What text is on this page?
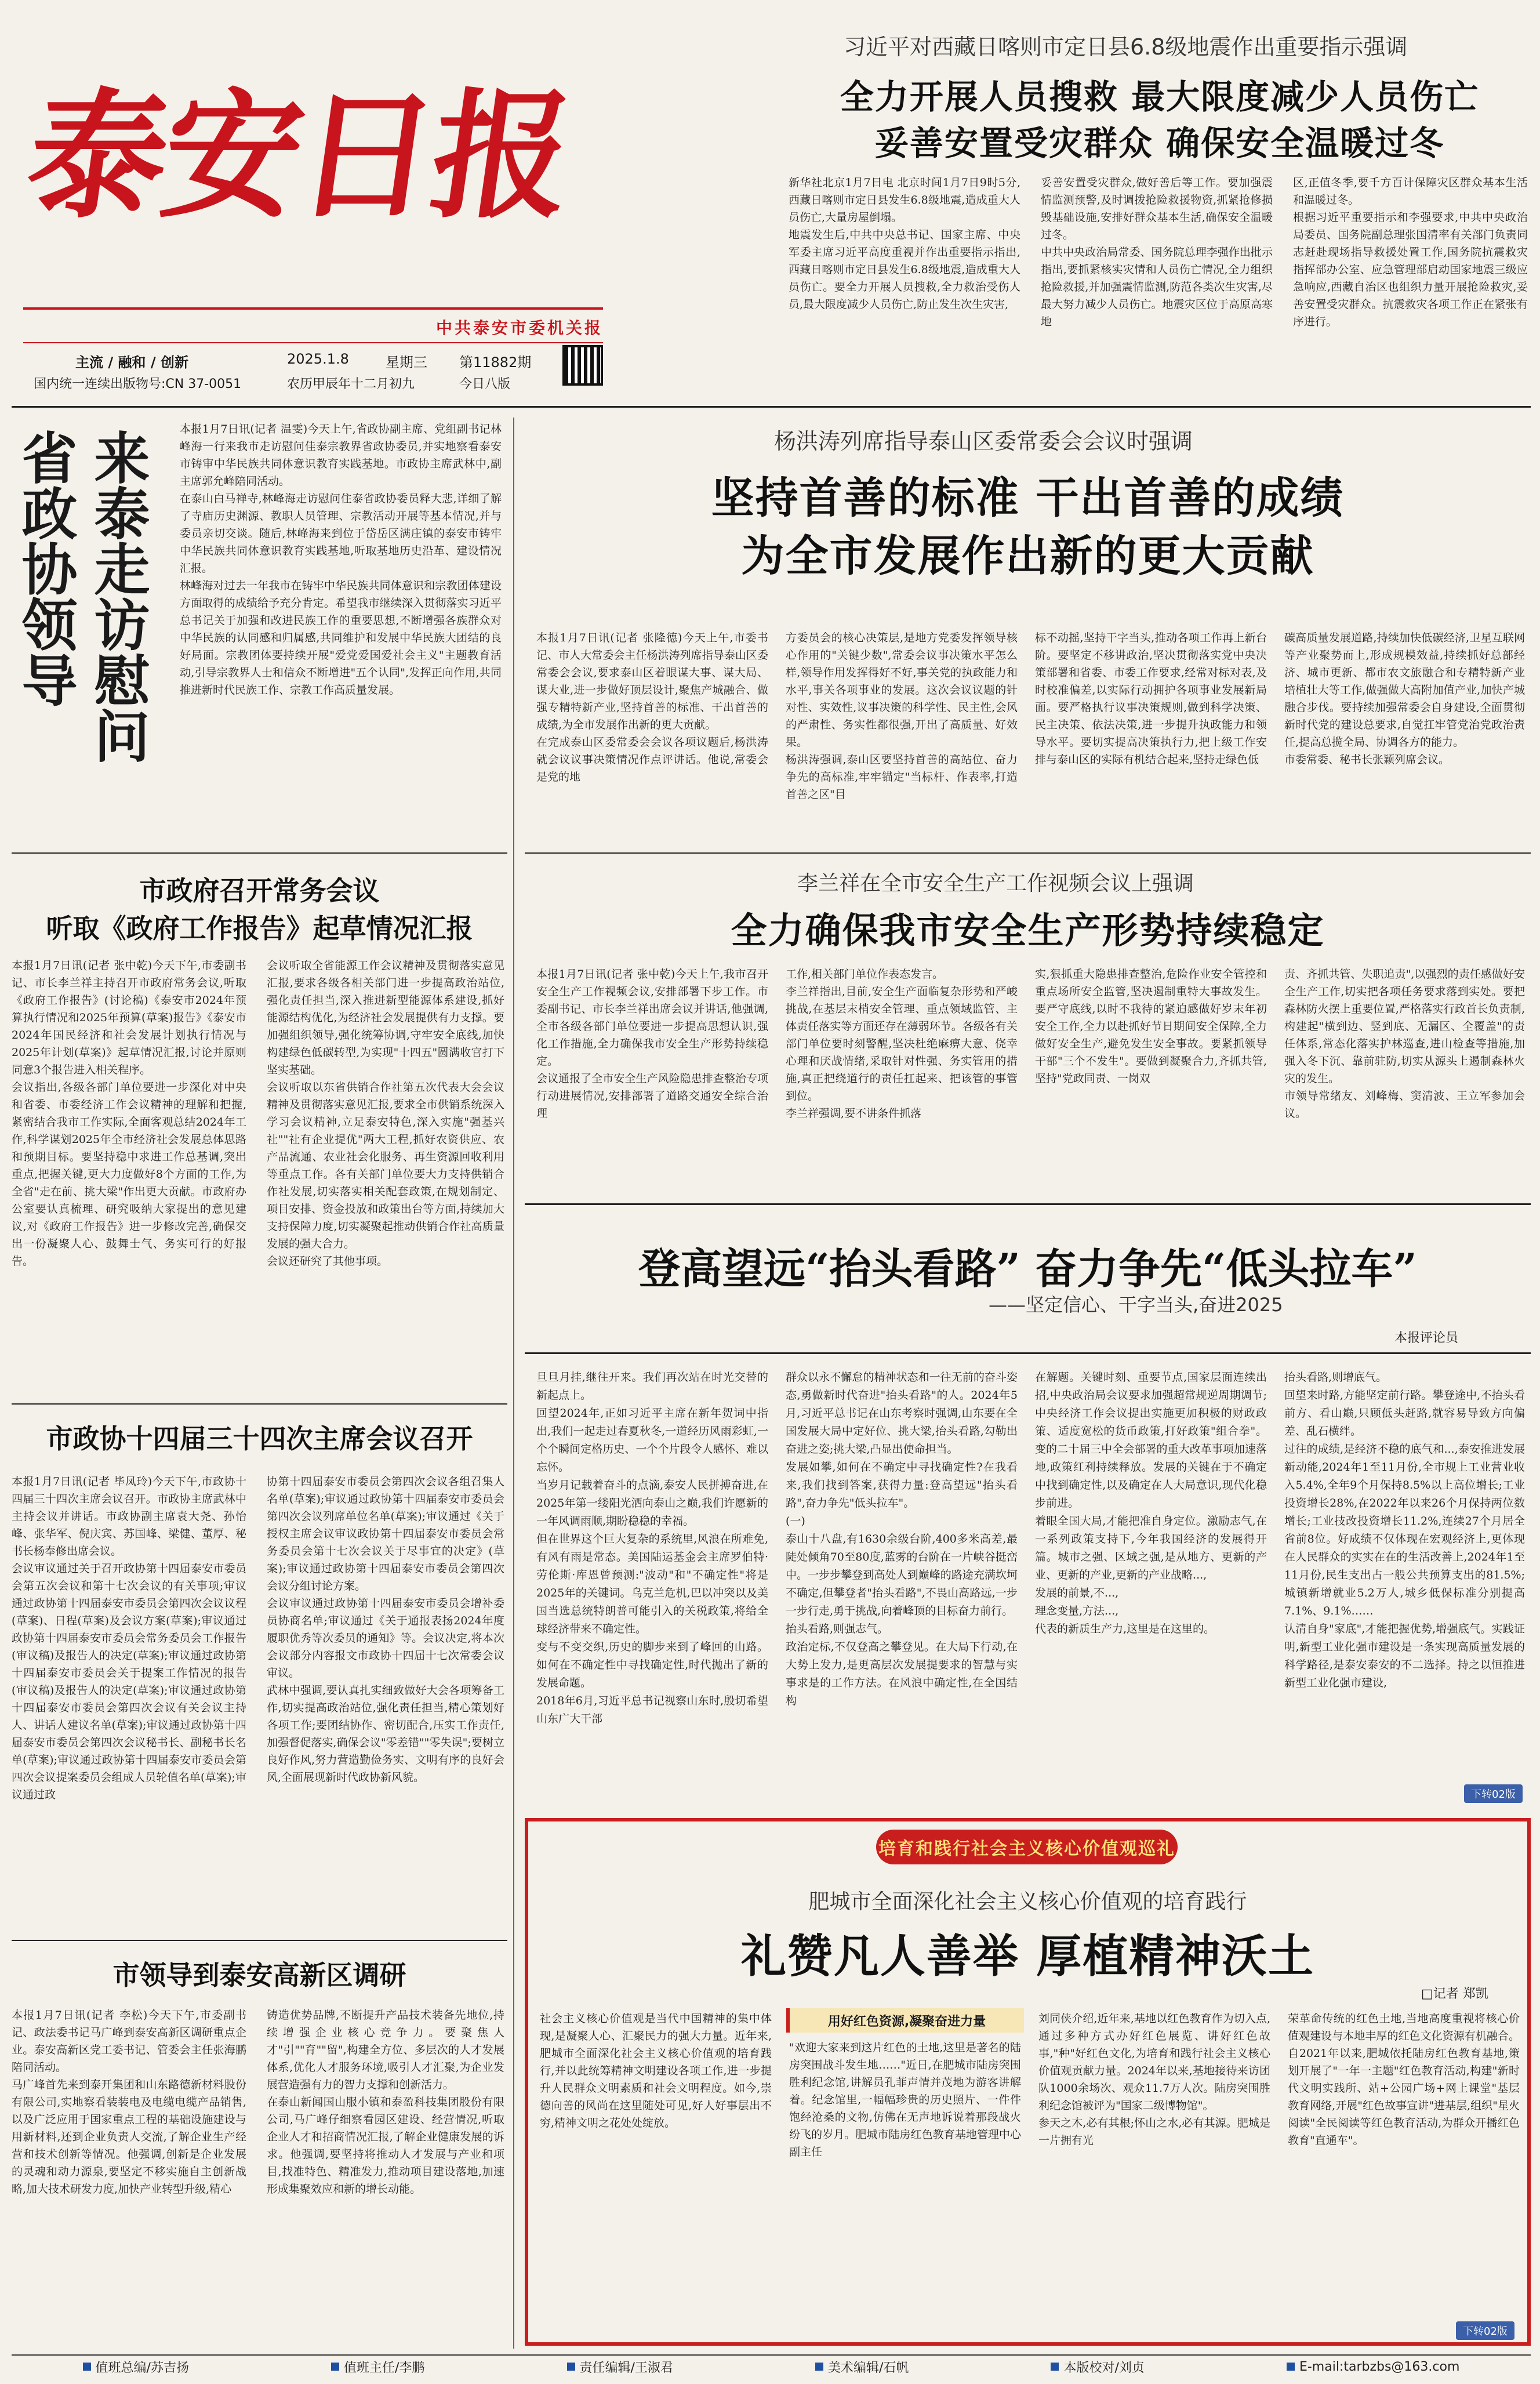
泰安日报
中共泰安市委机关报
主流 / 融和 / 创新
国内统一连续出版物号:CN 37-0051
2025.1.8	星期三 第11882期
农历甲辰年十二月初九	今日八版
习近平对西藏日喀则市定日县6.8级地震作出重要指示强调
全力开展人员搜救 最大限度减少人员伤亡
妥善安置受灾群众 确保安全温暖过冬
新华社北京1月7日电 北京时间1月7日9时5分,西藏日喀则市定日县发生6.8级地震,造成重大人员伤亡,大量房屋倒塌。
地震发生后,中共中央总书记、国家主席、中央军委主席习近平高度重视并作出重要指示指出,西藏日喀则市定日县发生6.8级地震,造成重大人员伤亡。要全力开展人员搜救,全力救治受伤人员,最大限度减少人员伤亡,防止发生次生灾害,
妥善安置受灾群众,做好善后等工作。要加强震情监测预警,及时调拨抢险救援物资,抓紧抢修损毁基础设施,安排好群众基本生活,确保安全温暖过冬。
中共中央政治局常委、国务院总理李强作出批示指出,要抓紧核实灾情和人员伤亡情况,全力组织抢险救援,并加强震情监测,防范各类次生灾害,尽最大努力减少人员伤亡。地震灾区位于高原高寒地
区,正值冬季,要千方百计保障灾区群众基本生活和温暖过冬。
根据习近平重要指示和李强要求,中共中央政治局委员、国务院副总理张国清率有关部门负责同志赶赴现场指导救援处置工作,国务院抗震救灾指挥部办公室、应急管理部启动国家地震三级应急响应,西藏自治区也组织力量开展抢险救灾,妥善安置受灾群众。抗震救灾各项工作正在紧张有序进行。
来泰走访慰问
省政协领导	本报1月7日讯(记者 温雯)今天上午,省政协副主席、党组副书记林峰海一行来我市走访慰问佳泰宗教界省政协委员,并实地察看泰安市铸审中华民族共同体意识教育实践基地。市政协主席武林中,副主席郭允峰陪同活动。
在泰山白马禅寺,林峰海走访慰问住泰省政协委员释大悲,详细了解了寺庙历史渊源、教职人员管理、宗教活动开展等基本情况,并与委员亲切交谈。随后,林峰海来到位于岱岳区满庄镇的泰安市铸牢中华民族共同体意识教育实践基地,听取基地历史沿革、建设情况汇报。
林峰海对过去一年我市在铸牢中华民族共同体意识和宗教团体建设方面取得的成绩给予充分肯定。希望我市继续深入贯彻落实习近平总书记关于加强和改进民族工作的重要思想,不断增强各族群众对中华民族的认同感和归属感,共同维护和发展中华民族大团结的良好局面。宗教团体要持续开展"爱党爱国爱社会主义"主题教育活动,引导宗教界人士和信众不断增进"五个认同",发挥正向作用,共同推进新时代民族工作、宗教工作高质量发展。
杨洪涛列席指导泰山区委常委会会议时强调
坚持首善的标准 干出首善的成绩
为全市发展作出新的更大贡献
本报1月7日讯(记者 张隆德)今天上午,市委书记、市人大常委会主任杨洪涛列席指导泰山区委常委会会议,要求泰山区着眼谋大事、谋大局、谋大业,进一步做好顶层设计,聚焦产城融合、做强专精特新产业,坚持首善的标准、干出首善的成绩,为全市发展作出新的更大贡献。
在完成泰山区委常委会会议各项议题后,杨洪涛就会议议事决策情况作点评讲话。他说,常委会是党的地
方委员会的核心决策层,是地方党委发挥领导核心作用的"关键少数",常委会议事决策水平怎么样,领导作用发挥得好不好,事关党的执政能力和水平,事关各项事业的发展。这次会议议题的针对性、实效性,议事决策的科学性、民主性,会风的严肃性、务实性都很强,开出了高质量、好效果。
杨洪涛强调,泰山区要坚持首善的高站位、奋力争先的高标准,牢牢锚定"当标杆、作表率,打造首善之区"目
标不动摇,坚持干字当头,推动各项工作再上新台阶。要坚定不移讲政治,坚决贯彻落实党中央决策部署和省委、市委工作要求,经常对标对表,及时校准偏差,以实际行动拥护各项事业发展新局面。要严格执行议事决策规则,做到科学决策、民主决策、依法决策,进一步提升执政能力和领导水平。要切实提高决策执行力,把上级工作安排与泰山区的实际有机结合起来,坚持走绿色低
碳高质量发展道路,持续加快低碳经济,卫星互联网等产业聚势而上,形成规模效益,持续抓好总部经济、城市更新、都市农文旅融合和专精特新产业培植壮大等工作,做强做大高附加值产业,加快产城融合步伐。要持续加强常委会自身建设,全面贯彻新时代党的建设总要求,自觉扛牢管党治党政治责任,提高总揽全局、协调各方的能力。
市委常委、秘书长张颖列席会议。
市政府召开常务会议
听取《政府工作报告》起草情况汇报
本报1月7日讯(记者 张中乾)今天下午,市委副书记、市长李兰祥主持召开市政府常务会议,听取《政府工作报告》(讨论稿)《泰安市2024年预算执行情况和2025年预算(草案)报告》《泰安市2024年国民经济和社会发展计划执行情况与2025年计划(草案)》起草情况汇报,讨论并原则同意3个报告进入相关程序。
会议指出,各级各部门单位要进一步深化对中央和省委、市委经济工作会议精神的理解和把握,紧密结合我市工作实际,全面客观总结2024年工作,科学谋划2025年全市经济社会发展总体思路和预期目标。要坚持稳中求进工作总基调,突出重点,把握关键,更大力度做好8个方面的工作,为全省"走在前、挑大梁"作出更大贡献。市政府办公室要认真梳理、研究吸纳大家提出的意见建议,对《政府工作报告》进一步修改完善,确保交出一份凝聚人心、鼓舞士气、务实可行的好报告。
会议听取全省能源工作会议精神及贯彻落实意见汇报,要求各级各相关部门进一步提高政治站位,强化责任担当,深入推进新型能源体系建设,抓好能源结构优化,为经济社会发展提供有力支撑。要加强组织领导,强化统筹协调,守牢安全底线,加快构建绿色低碳转型,为实现"十四五"圆满收官打下坚实基础。
会议听取以东省供销合作社第五次代表大会会议精神及贯彻落实意见汇报,要求全市供销系统深入学习会议精神,立足泰安特色,深入实施"强基兴社""社有企业提优"两大工程,抓好农资供应、农产品流通、农业社会化服务、再生资源回收利用等重点工作。各有关部门单位要大力支持供销合作社发展,切实落实相关配套政策,在规划制定、项目安排、资金投放和政策出台等方面,持续加大支持保障力度,切实凝聚起推动供销合作社高质量发展的强大合力。
会议还研究了其他事项。
李兰祥在全市安全生产工作视频会议上强调
全力确保我市安全生产形势持续稳定
本报1月7日讯(记者 张中乾)今天上午,我市召开安全生产工作视频会议,安排部署下步工作。市委副书记、市长李兰祥出席会议并讲话,他强调,全市各级各部门单位要进一步提高思想认识,强化工作措施,全力确保我市安全生产形势持续稳定。
会议通报了全市安全生产风险隐患排查整治专项行动进展情况,安排部署了道路交通安全综合治理
工作,相关部门单位作表态发言。
李兰祥指出,目前,安全生产面临复杂形势和严峻挑战,在基层末梢安全管理、重点领域监管、主体责任落实等方面还存在薄弱环节。各级各有关部门单位要时刻警醒,坚决杜绝麻痹大意、侥幸心理和厌战情绪,采取针对性强、务实管用的措施,真正把绕道行的责任扛起来、把该管的事管到位。
李兰祥强调,要不讲条件抓落
实,狠抓重大隐患排查整治,危险作业安全管控和重点场所安全监管,坚决遏制重特大事故发生。要严守底线,以时不我待的紧迫感做好岁末年初安全工作,全力以赴抓好节日期间安全保障,全力做好安全生产,避免发生安全事故。要紧抓领导干部"三个不发生"。要做到凝聚合力,齐抓共管,坚持"党政同责、一岗双
责、齐抓共管、失职追责",以强烈的责任感做好安全生产工作,切实把各项任务要求落到实处。要把森林防火摆上重要位置,严格落实行政首长负责制,构建起"横到边、竖到底、无漏区、全覆盖"的责任体系,常态化落实护林巡查,进山检查等措施,加强入冬下沉、靠前驻防,切实从源头上遏制森林火灾的发生。
市领导常绪友、刘峰梅、窦清波、王立军参加会议。
登高望远“抬头看路” 奋力争先“低头拉车”
——坚定信心、干字当头,奋进2025
本报评论员
旦旦月挂,继往开来。我们再次站在时光交替的新起点上。
回望2024年,正如习近平主席在新年贺词中指出,我们一起走过春夏秋冬,一道经历风雨彩虹,一个个瞬间定格历史、一个个片段令人感怀、难以忘怀。
当岁月记载着奋斗的点滴,泰安人民拼搏奋进,在2025年第一缕阳光洒向泰山之巅,我们许愿新的一年风调雨顺,期盼稳稳的幸福。
但在世界这个巨大复杂的系统里,风浪在所难免,有风有雨是常态。美国陆运基金会主席罗伯特·劳伦斯·库恩曾预测:"波动"和"不确定性"将是2025年的关键词。乌克兰危机,巴以冲突以及美国当选总统特朗普可能引入的关税政策,将给全球经济带来不确定性。
变与不变交织,历史的脚步来到了峰回的山路。如何在不确定性中寻找确定性,时代抛出了新的发展命题。
2018年6月,习近平总书记视察山东时,殷切希望山东广大干部
群众以永不懈怠的精神状态和一往无前的奋斗姿态,勇做新时代奋进"抬头看路"的人。2024年5月,习近平总书记在山东考察时强调,山东要在全国发展大局中定好位、挑大梁,抬头看路,勾勒出奋进之姿;挑大梁,凸显出使命担当。
发展如攀,如何在不确定中寻找确定性?在我看来,我们找到答案,获得力量:登高望远"抬头看路",奋力争先"低头拉车"。
(一)
泰山十八盘,有1630余级台阶,400多米高差,最陡处倾角70至80度,蓝雾的台阶在一片峡谷挺峦中。一步步攀登到高处人到巅峰的路途充满坎坷不确定,但攀登者"抬头看路",不畏山高路远,一步一步行走,勇于挑战,向着峰顶的目标奋力前行。
抬头看路,则强志气。
政治定标,不仅登高之攀登见。在大局下行动,在大势上发力,是更高层次发展提要求的智慧与实事求是的工作方法。在风浪中确定性,在全国结构
在解题。关键时刻、重要节点,国家层面连续出招,中央政治局会议要求加强超常规逆周期调节;中央经济工作会议提出实施更加积极的财政政策、适度宽松的货币政策,打好政策"组合拳"。变的二十届三中全会部署的重大改革事项加速落地,政策红利持续释放。发展的关键在于不确定中找到确定性,以及确定在人大局意识,现代化稳步前进。
着眼全国大局,才能把准自身定位。激励志气,在一系列政策支持下,今年我国经济的发展得开篇。城市之强、区域之强,是从地方、更新的产业、更新的产业,更新的产业战略...,
发展的前景,不...,
理念变量,方法...,
代表的新质生产力,这里是在这里的。
抬头看路,则增底气。
回望来时路,方能坚定前行路。攀登途中,不抬头看前方、看山巅,只顾低头赶路,就容易导致方向偏差、乱石横绊。
过往的成绩,是经济不稳的底气和...,泰安推进发展新动能,2024年1至11月份,全市规上工业营业收入5.4%,全年9个月保持8.5%以上高位增长;工业投资增长28%,在2022年以来26个月保持两位数增长;工业技改投资增长11.2%,连续27个月居全省前8位。好成绩不仅体现在宏观经济上,更体现在人民群众的实实在在的生活改善上,2024年1至11月份,民生支出占一般公共预算支出的81.5%;城镇新增就业5.2万人,城乡低保标准分别提高7.1%、9.1%……
认清自身"家底",才能把握优势,增强底气。实践证明,新型工业化强市建设是一条实现高质量发展的科学路径,是泰安泰安的不二选择。持之以恒推进新型工业化强市建设,
下转02版
市政协十四届三十四次主席会议召开
本报1月7日讯(记者 毕凤玲)今天下午,市政协十四届三十四次主席会议召开。市政协主席武林中主持会议并讲话。市政协副主席袁大尧、孙怡峰、张华军、倪庆宾、苏国峰、梁健、董厚、秘书长杨奉修出席会议。
会议审议通过关于召开政协第十四届泰安市委员会第五次会议和第十七次会议的有关事项;审议通过政协第十四届泰安市委员会第四次会议议程(草案)、日程(草案)及会议方案(草案);审议通过政协第十四届泰安市委员会常务委员会工作报告(审议稿)及报告人的决定(草案);审议通过政协第十四届泰安市委员会关于提案工作情况的报告(审议稿)及报告人的决定(草案);审议通过政协第十四届泰安市委员会第四次会议有关会议主持人、讲话人建议名单(草案);审议通过政协第十四届泰安市委员会第四次会议秘书长、副秘书长名单(草案);审议通过政协第十四届泰安市委员会第四次会议提案委员会组成人员轮值名单(草案);审议通过政
协第十四届泰安市委员会第四次会议各组召集人名单(草案);审议通过政协第十四届泰安市委员会第四次会议列席单位名单(草案);审议通过《关于授权主席会议审议政协第十四届泰安市委员会常务委员会第十七次会议关于尽事宜的决定》(草案);审议通过政协第十四届泰安市委员会第四次会议分组讨论方案。
会议审议通过政协第十四届泰安市委员会增补委员协商名单;审议通过《关于通报表扬2024年度履职优秀等次委员的通知》等。会议决定,将本次会议部分内容报文市政协十四届十七次常委会议审议。
武林中强调,要认真扎实细致做好大会各项筹备工作,切实提高政治站位,强化责任担当,精心策划好各项工作;要团结协作、密切配合,压实工作责任,加强督促落实,确保会议"零差错""零失误";要树立良好作风,努力营造勤俭务实、文明有序的良好会风,全面展现新时代政协新风貌。
市领导到泰安高新区调研
本报1月7日讯(记者 李松)今天下午,市委副书记、政法委书记马广峰到泰安高新区调研重点企业。泰安高新区党工委书记、管委会主任张海鹏陪同活动。
马广峰首先来到泰开集团和山东路德新材料股份有限公司,实地察看装装电及电缆电缆产品销售,以及广泛应用于国家重点工程的基础设施建设与用新材料,还到企业负责人交流,了解企业生产经营和技术创新等情况。他强调,创新是企业发展的灵魂和动力源泉,要坚定不移实施自主创新战略,加大技术研发力度,加快产业转型升级,精心
铸造优势品牌,不断提升产品技术装备先地位,持续增强企业核心竞争力。要聚焦人才"引""育""留",构建全方位、多层次的人才发展体系,优化人才服务环境,吸引人才汇聚,为企业发展营造强有力的智力支撑和创新活力。
在泰山新闻国山服小镇和泰盈科技集团股份有限公司,马广峰仔细察看园区建设、经营情况,听取企业人才和招商情况汇报,了解企业健康发展的诉求。他强调,要坚持将推动人才发展与产业和项目,找准特色、精准发力,推动项目建设落地,加速形成集聚效应和新的增长动能。
培育和践行社会主义核心价值观巡礼
肥城市全面深化社会主义核心价值观的培育践行
礼赞凡人善举 厚植精神沃土
□记者 郑凯
社会主义核心价值观是当代中国精神的集中体现,是凝聚人心、汇聚民力的强大力量。近年来,肥城市全面深化社会主义核心价值观的培育践行,并以此统筹精神文明建设各项工作,进一步提升人民群众文明素质和社会文明程度。如今,崇德向善的风尚在这里随处可见,好人好事层出不穷,精神文明之花处处绽放。
用好红色资源,凝聚奋进力量
"欢迎大家来到这片红色的土地,这里是著名的陆房突围战斗发生地……"近日,在肥城市陆房突围胜利纪念馆,讲解员孔菲声情并茂地为游客讲解着。纪念馆里,一幅幅珍贵的历史照片、一件件饱经沧桑的文物,仿佛在无声地诉说着那段战火纷飞的岁月。肥城市陆房红色教育基地管理中心副主任
刘同侠介绍,近年来,基地以红色教育作为切入点,通过多种方式办好红色展览、讲好红色故事,"种"好红色文化,为培育和践行社会主义核心价值观贡献力量。2024年以来,基地接待来访团队1000余场次、观众11.7万人次。陆房突围胜利纪念馆被评为"国家二级博物馆"。
参天之木,必有其根;怀山之水,必有其源。肥城是一片拥有光
荣革命传统的红色土地,当地高度重视将核心价值观建设与本地丰厚的红色文化资源有机融合。自2021年以来,肥城依托陆房红色教育基地,策划开展了"一年一主题"红色教育活动,构建"新时代文明实践所、站+公园广场+网上课堂"基层教育网络,开展"红色故事宣讲"进基层,组织"星火阅读"全民阅读等红色教育活动,为群众开播红色教育"直通车"。
下转02版
值班总编/苏吉扬	值班主任/李鹏	责任编辑/王淑君	美术编辑/石帆	本版校对/刘贞	E-mail:tarbzbs@163.com
